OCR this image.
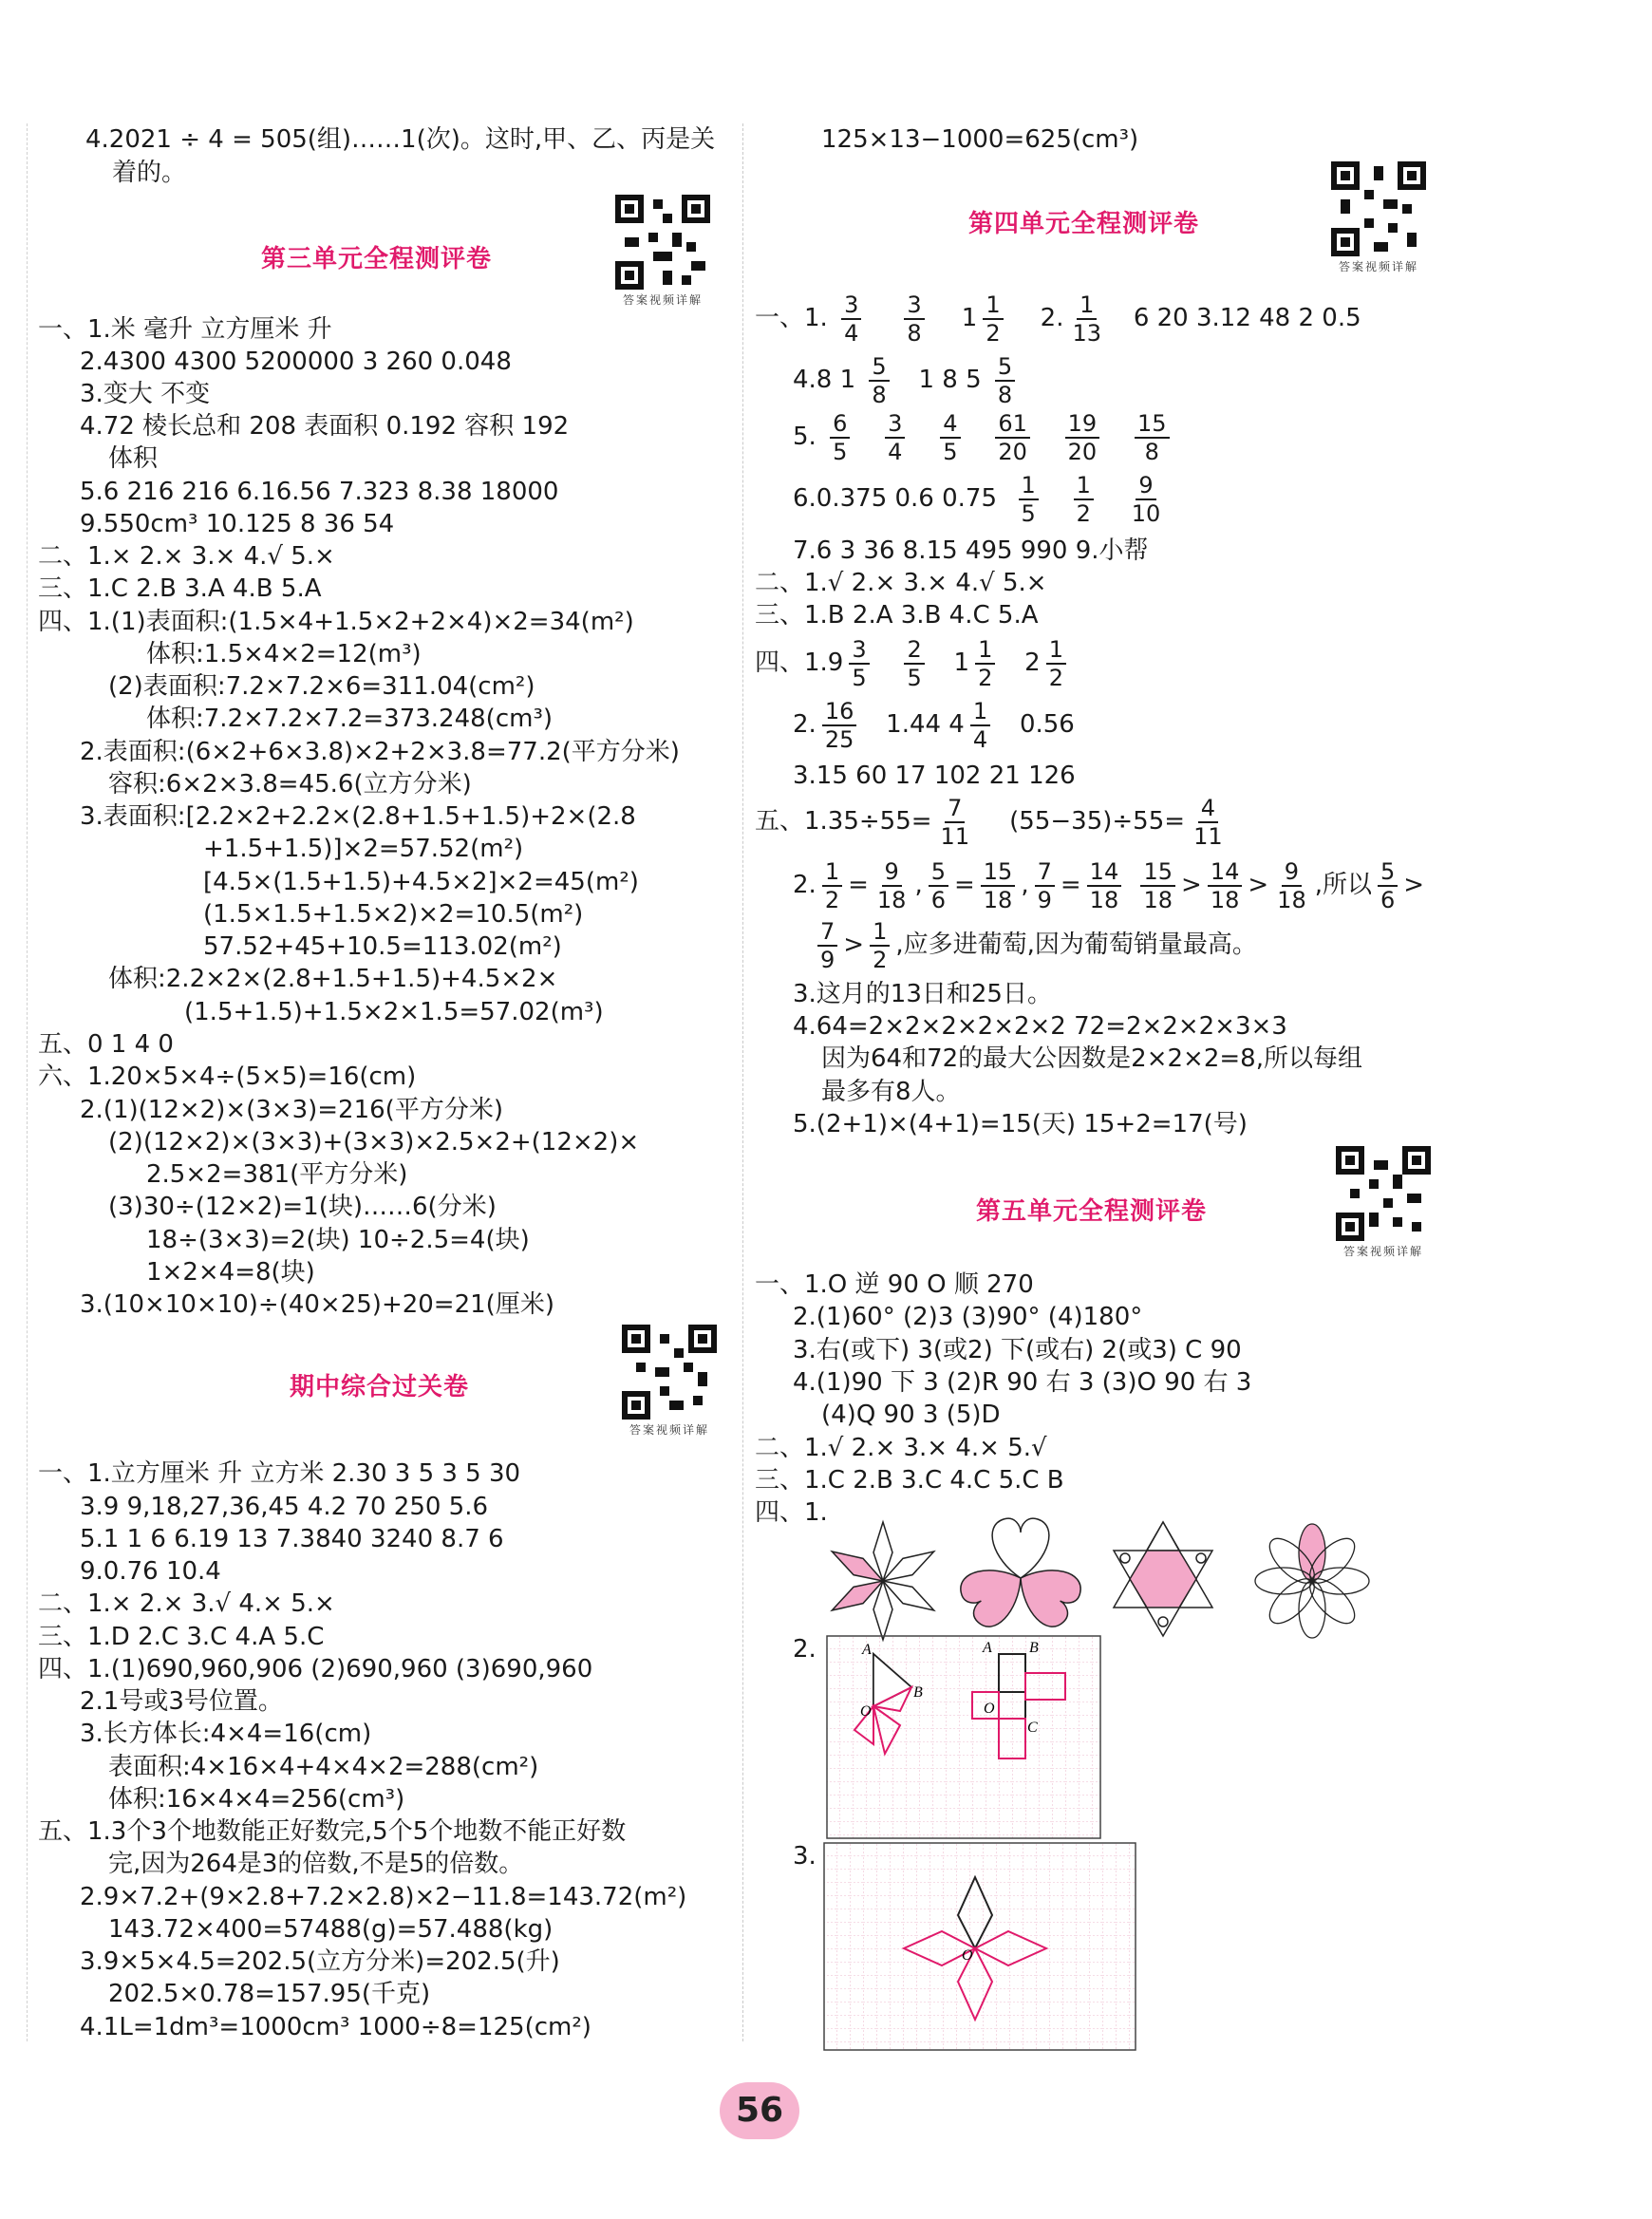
4.2021 ÷ 4 = 505(组)……1(次)。这时,甲、乙、丙是关
着的。
第三单元全程测评卷
答案视频详解
一、1.米 毫升 立方厘米 升
2.4300 4300 5200000 3 260 0.048
3.变大 不变
4.72 棱长总和 208 表面积 0.192 容积 192
体积
5.6 216 216 6.16.56 7.323 8.38 18000
9.550cm³ 10.125 8 36 54
二、1.× 2.× 3.× 4.√ 5.×
三、1.C 2.B 3.A 4.B 5.A
四、1.(1)表面积:(1.5×4+1.5×2+2×4)×2=34(m²)
体积:1.5×4×2=12(m³)
(2)表面积:7.2×7.2×6=311.04(cm²)
体积:7.2×7.2×7.2=373.248(cm³)
2.表面积:(6×2+6×3.8)×2+2×3.8=77.2(平方分米)
容积:6×2×3.8=45.6(立方分米)
3.表面积:[2.2×2+2.2×(2.8+1.5+1.5)+2×(2.8
+1.5+1.5)]×2=57.52(m²)
[4.5×(1.5+1.5)+4.5×2]×2=45(m²)
(1.5×1.5+1.5×2)×2=10.5(m²)
57.52+45+10.5=113.02(m²)
体积:2.2×2×(2.8+1.5+1.5)+4.5×2×
(1.5+1.5)+1.5×2×1.5=57.02(m³)
五、0 1 4 0
六、1.20×5×4÷(5×5)=16(cm)
2.(1)(12×2)×(3×3)=216(平方分米)
(2)(12×2)×(3×3)+(3×3)×2.5×2+(12×2)×
2.5×2=381(平方分米)
(3)30÷(12×2)=1(块)……6(分米)
18÷(3×3)=2(块) 10÷2.5=4(块)
1×2×4=8(块)
3.(10×10×10)÷(40×25)+20=21(厘米)
期中综合过关卷
答案视频详解
一、1.立方厘米 升 立方米 2.30 3 5 3 5 30
3.9 9,18,27,36,45 4.2 70 250 5.6
5.1 1 6 6.19 13 7.3840 3240 8.7 6
9.0.76 10.4
二、1.× 2.× 3.√ 4.× 5.×
三、1.D 2.C 3.C 4.A 5.C
四、1.(1)690,960,906 (2)690,960 (3)690,960
2.1号或3号位置。
3.长方体长:4×4=16(cm)
表面积:4×16×4+4×4×2=288(cm²)
体积:16×4×4=256(cm³)
五、1.3个3个地数能正好数完,5个5个地数不能正好数
完,因为264是3的倍数,不是5的倍数。
2.9×7.2+(9×2.8+7.2×2.8)×2−11.8=143.72(m²)
143.72×400=57488(g)=57.488(kg)
3.9×5×4.5=202.5(立方分米)=202.5(升)
202.5×0.78=157.95(千克)
4.1L=1dm³=1000cm³ 1000÷8=125(cm²)
125×13−1000=625(cm³)
第四单元全程测评卷
答案视频详解
一、1. $\frac{3}{4}$
$\frac{3}{8} 1 \frac{1}{2} 2$. $\frac{1}{13} 6$ 20 3.12 48 2 0.5
4.8 $1 \frac{5}{8} 1$ 8 $5 \frac{5}{8}$
5. $\frac{6}{5}$
$\frac{3}{4}$
$\frac{4}{5}$
$\frac{61}{20}$
$\frac{19}{20}$
$\frac{15}{8}$
6.0.375 0.6 $0.75 \frac{1}{5}$
$\frac{1}{2}$
$\frac{9}{10}$
7.6 3 36 8.15 495 990 9.小帮
二、1.√ 2.× 3.× 4.√ 5.×
三、1.B 2.A 3.B 4.C 5.A
四、$1.9 \frac{3}{5}$
$\frac{2}{5} 1 \frac{1}{2} 2 \frac{1}{2}$
2. $\frac{16}{25} 1.44$ $4 \frac{1}{4} 0.56$
3.15 60 17 102 21 126
五、$1.35\div 55= \frac{7}{11} (55-35)\div 55= \frac{4}{11}$
2. $\frac{1}{2} = \frac{9}{18}$ , $\frac{5}{6} = \frac{15}{18}$ , $\frac{7}{9} = \frac{14}{18}$
$\frac{15}{18} > \frac{14}{18} > \frac{9}{18}$ ,所以 $\frac{5}{6}$ >
$\frac{7}{9} > \frac{1}{2}$ ,应多进葡萄,因为葡萄销量最高。
3.这月的13日和25日。
4.64=2×2×2×2×2×2 72=2×2×2×3×3
因为64和72的最大公因数是2×2×2=8,所以每组
最多有8人。
5.(2+1)×(4+1)=15(天) 15+2=17(号)
第五单元全程测评卷
答案视频详解
一、1.O 逆 90 O 顺 270
2.(1)60° (2)3 (3)90° (4)180°
3.右(或下) 3(或2) 下(或右) 2(或3) C 90
4.(1)90 下 3 (2)R 90 右 3 (3)O 90 右 3
(4)Q 90 3 (5)D
二、1.√ 2.× 3.× 4.× 5.√
三、1.C 2.B 3.C 4.C 5.C B
四、1.
2.	A
B
O
A B
O
C
3.
O
56
